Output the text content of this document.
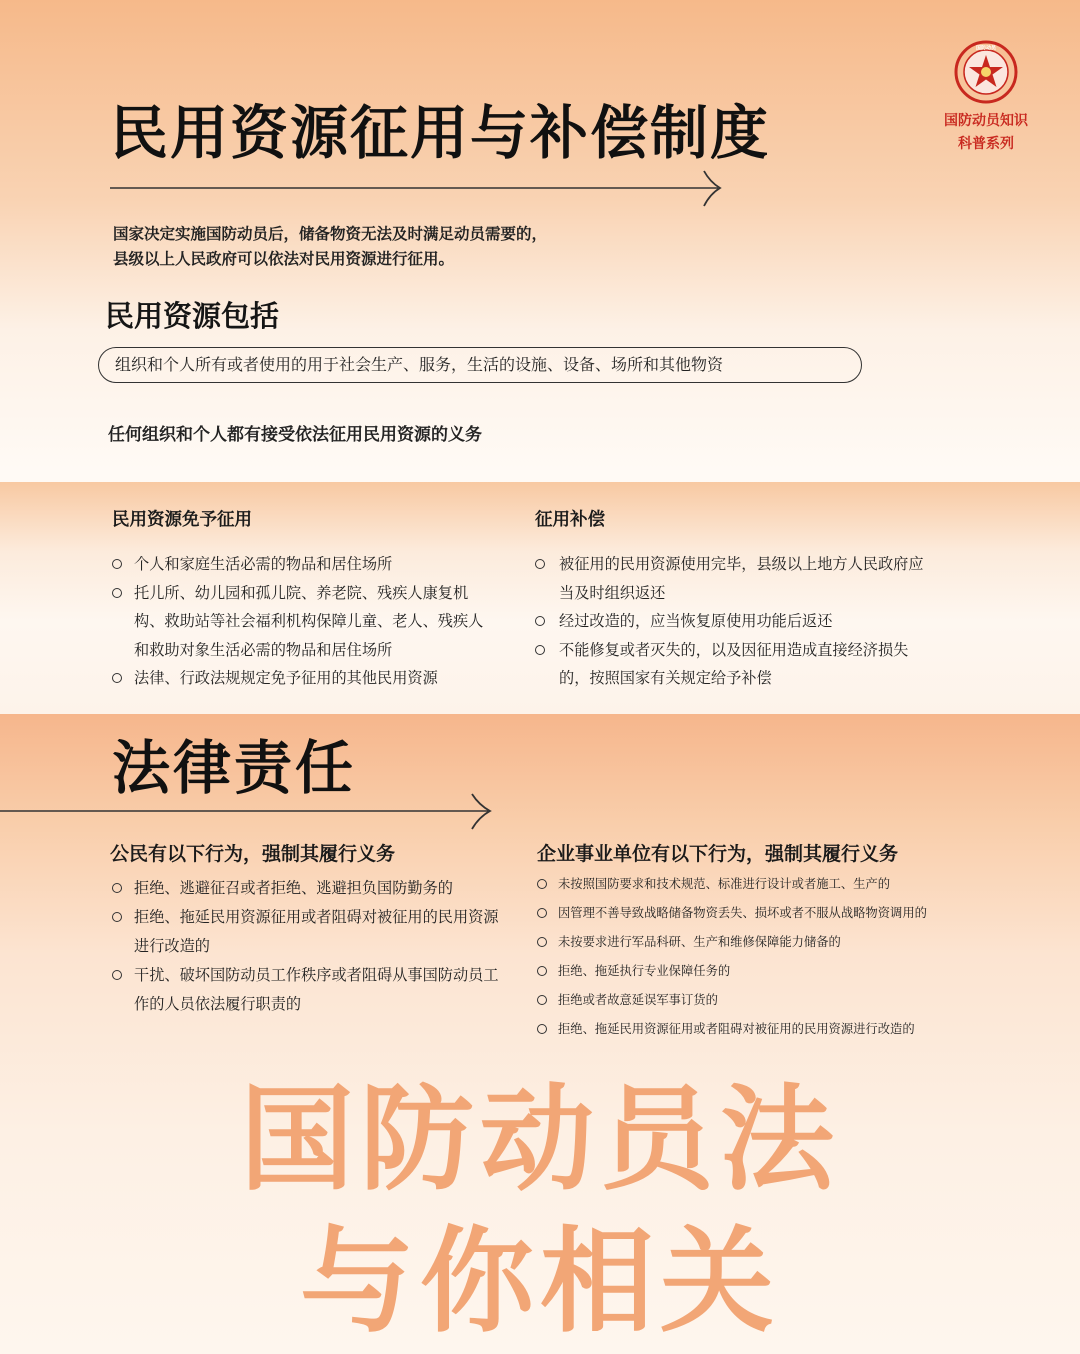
国防动员
国防动员知识
科普系列
民用资源征用与补偿制度
国家决定实施国防动员后，储备物资无法及时满足动员需要的，
县级以上人民政府可以依法对民用资源进行征用。
民用资源包括
组织和个人所有或者使用的用于社会生产、服务，生活的设施、设备、场所和其他物资
任何组织和个人都有接受依法征用民用资源的义务
民用资源免予征用
个人和家庭生活必需的物品和居住场所
托儿所、幼儿园和孤儿院、养老院、残疾人康复机构、救助站等社会福利机构保障儿童、老人、残疾人和救助对象生活必需的物品和居住场所
法律、行政法规规定免予征用的其他民用资源
征用补偿
被征用的民用资源使用完毕，县级以上地方人民政府应当及时组织返还
经过改造的，应当恢复原使用功能后返还
不能修复或者灭失的，以及因征用造成直接经济损失的，按照国家有关规定给予补偿
法律责任
公民有以下行为，强制其履行义务
拒绝、逃避征召或者拒绝、逃避担负国防勤务的
拒绝、拖延民用资源征用或者阻碍对被征用的民用资源进行改造的
干扰、破坏国防动员工作秩序或者阻碍从事国防动员工作的人员依法履行职责的
企业事业单位有以下行为，强制其履行义务
未按照国防要求和技术规范、标准进行设计或者施工、生产的
因管理不善导致战略储备物资丢失、损坏或者不服从战略物资调用的
未按要求进行军品科研、生产和维修保障能力储备的
拒绝、拖延执行专业保障任务的
拒绝或者故意延误军事订货的
拒绝、拖延民用资源征用或者阻碍对被征用的民用资源进行改造的
国防动员法
与你相关
